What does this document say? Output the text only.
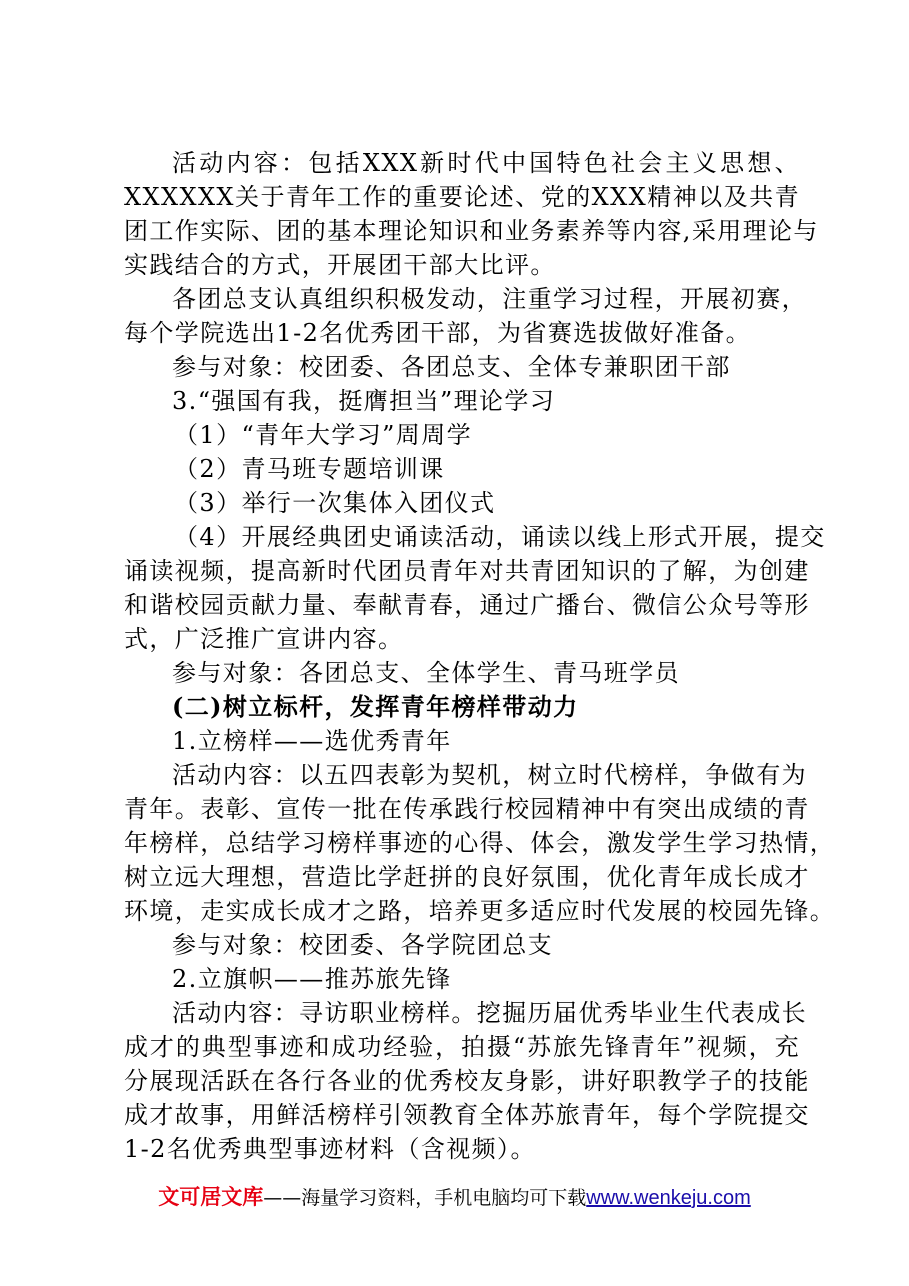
活动内容：包括XXX新时代中国特色社会主义思想、
XXXXXX关于青年工作的重要论述、党的XXX精神以及共青
团工作实际、团的基本理论知识和业务素养等内容,采用理论与
实践结合的方式，开展团干部大比评。
各团总支认真组织积极发动，注重学习过程，开展初赛，
每个学院选出1-2名优秀团干部，为省赛选拔做好准备。
参与对象：校团委、各团总支、全体专兼职团干部
3.“强国有我，挺膺担当”理论学习
（1）“青年大学习”周周学
（2）青马班专题培训课
（3）举行一次集体入团仪式
（4）开展经典团史诵读活动，诵读以线上形式开展，提交
诵读视频，提高新时代团员青年对共青团知识的了解，为创建
和谐校园贡献力量、奉献青春，通过广播台、微信公众号等形
式，广泛推广宣讲内容。
参与对象：各团总支、全体学生、青马班学员
(二)树立标杆，发挥青年榜样带动力
1.立榜样——选优秀青年
活动内容：以五四表彰为契机，树立时代榜样，争做有为
青年。表彰、宣传一批在传承践行校园精神中有突出成绩的青
年榜样，总结学习榜样事迹的心得、体会，激发学生学习热情，
树立远大理想，营造比学赶拼的良好氛围，优化青年成长成才
环境，走实成长成才之路，培养更多适应时代发展的校园先锋。
参与对象：校团委、各学院团总支
2.立旗帜——推苏旅先锋
活动内容：寻访职业榜样。挖掘历届优秀毕业生代表成长
成才的典型事迹和成功经验，拍摄“苏旅先锋青年”视频，充
分展现活跃在各行各业的优秀校友身影，讲好职教学子的技能
成才故事，用鲜活榜样引领教育全体苏旅青年，每个学院提交
1-2名优秀典型事迹材料（含视频）。
文可居文库——海量学习资料，手机电脑均可下载www.wenkeju.com
